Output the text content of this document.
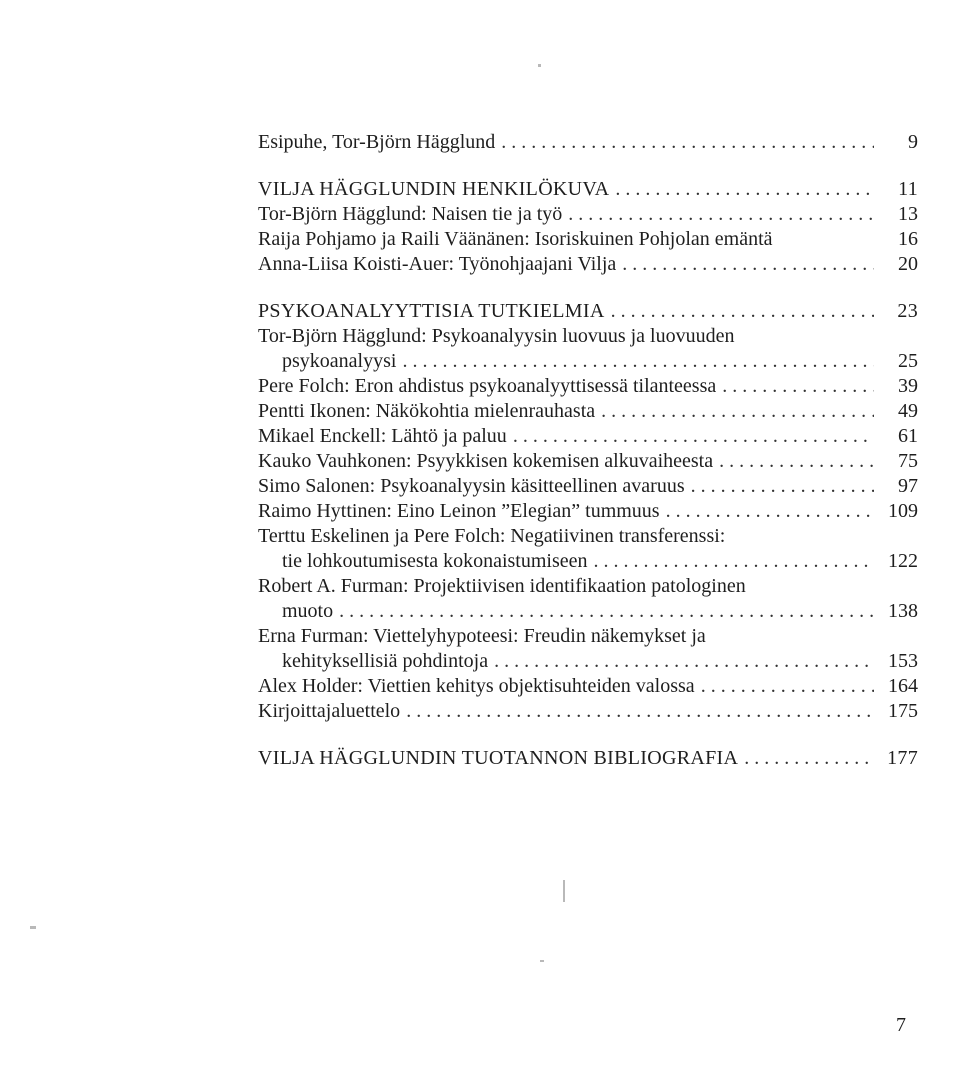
Esipuhe, Tor-Björn Hägglund . . .	9
VILJA HÄGGLUNDIN HENKILÖKUVA . . .	11
Tor-Björn Hägglund: Naisen tie ja työ . . .	13
Raija Pohjamo ja Raili Väänänen: Isoriskuinen Pohjolan emäntä	16
Anna-Liisa Koisti-Auer: Työnohjaajani Vilja . . .	20
PSYKOANALYYTTISIA TUTKIELMIA . . .	23
Tor-Björn Hägglund: Psykoanalyysin luovuus ja luovuuden
psykoanalyysi . . .	25
Pere Folch: Eron ahdistus psykoanalyyttisessä tilanteessa . . .	39
Pentti Ikonen: Näkökohtia mielenrauhasta . . .	49
Mikael Enckell: Lähtö ja paluu . . .	61
Kauko Vauhkonen: Psyykkisen kokemisen alkuvaiheesta . . .	75
Simo Salonen: Psykoanalyysin käsitteellinen avaruus . . .	97
Raimo Hyttinen: Eino Leinon ”Elegian” tummuus . . .	109
Terttu Eskelinen ja Pere Folch: Negatiivinen transferenssi:
tie lohkoutumisesta kokonaistumiseen . . .	122
Robert A. Furman: Projektiivisen identifikaation patologinen
muoto . . .	138
Erna Furman: Viettelyhypoteesi: Freudin näkemykset ja
kehityksellisiä pohdintoja . . .	153
Alex Holder: Viettien kehitys objektisuhteiden valossa . . .	164
Kirjoittajaluettelo . . .	175
VILJA HÄGGLUNDIN TUOTANNON BIBLIOGRAFIA . . .	177
7
